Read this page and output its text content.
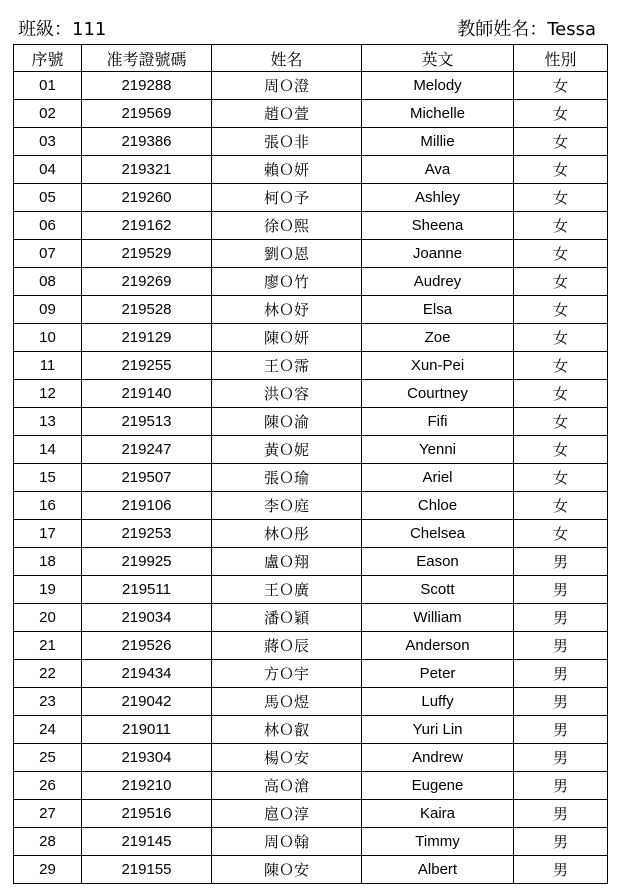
班級：111	教師姓名：Tessa
序號	准考證號碼	姓名	英文	性別
01	219288	周Ｏ澄	Melody	女
02	219569	趙Ｏ萱	Michelle	女
03	219386	張Ｏ非	Millie	女
04	219321	賴Ｏ妍	Ava	女
05	219260	柯Ｏ予	Ashley	女
06	219162	徐Ｏ熙	Sheena	女
07	219529	劉Ｏ恩	Joanne	女
08	219269	廖Ｏ竹	Audrey	女
09	219528	林Ｏ妤	Elsa	女
10	219129	陳Ｏ妍	Zoe	女
11	219255	王Ｏ霈	Xun-Pei	女
12	219140	洪Ｏ容	Courtney	女
13	219513	陳Ｏ渝	Fifi	女
14	219247	黃Ｏ妮	Yenni	女
15	219507	張Ｏ瑜	Ariel	女
16	219106	李Ｏ庭	Chloe	女
17	219253	林Ｏ彤	Chelsea	女
18	219925	盧Ｏ翔	Eason	男
19	219511	王Ｏ廣	Scott	男
20	219034	潘Ｏ穎	William	男
21	219526	蔣Ｏ辰	Anderson	男
22	219434	方Ｏ宇	Peter	男
23	219042	馬Ｏ煜	Luffy	男
24	219011	林Ｏ叡	Yuri Lin	男
25	219304	楊Ｏ安	Andrew	男
26	219210	高Ｏ滄	Eugene	男
27	219516	扈Ｏ淳	Kaira	男
28	219145	周Ｏ翰	Timmy	男
29	219155	陳Ｏ安	Albert	男
